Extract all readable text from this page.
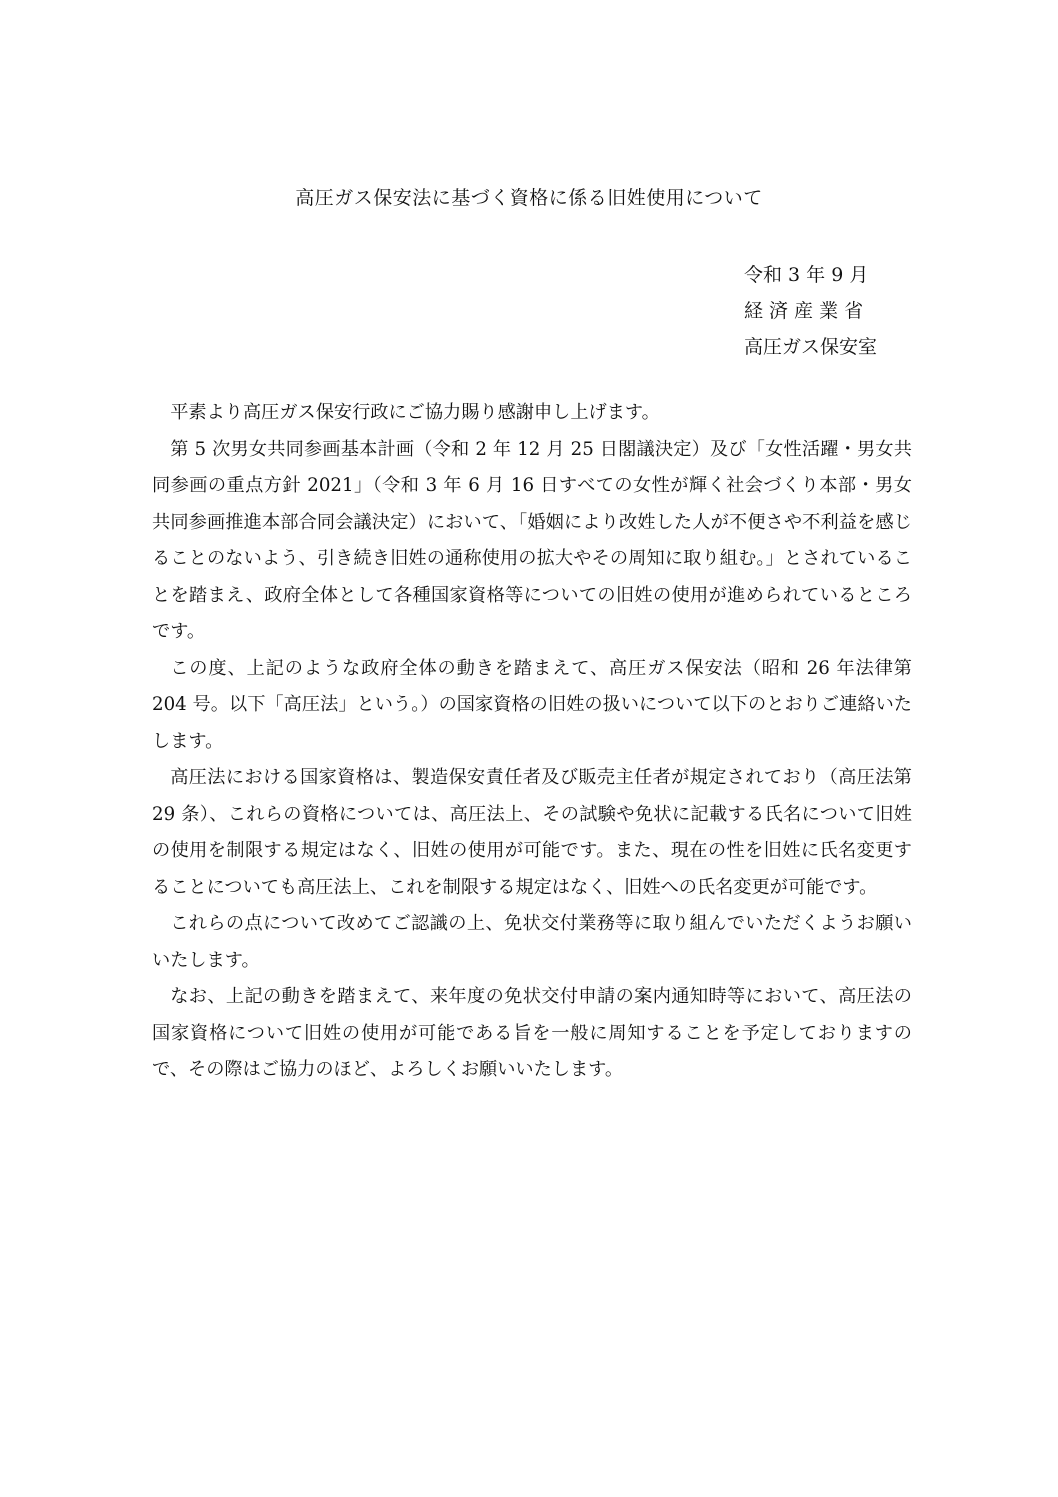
高圧ガス保安法に基づく資格に係る旧姓使用について
令和 3 年 9 月
経 済 産 業 省
高圧ガス保安室

平素より高圧ガス保安行政にご協力賜り感謝申し上げます。

第 5 次男女共同参画基本計画（令和 2 年 12 月 25 日閣議決定）及び「女性活躍・男女共同参画の重点方針 2021」（令和 3 年 6 月 16 日すべての女性が輝く社会づくり本部・男女共同参画推進本部合同会議決定）において、「婚姻により改姓した人が不便さや不利益を感じることのないよう、引き続き旧姓の通称使用の拡大やその周知に取り組む。」とされていることを踏まえ、政府全体として各種国家資格等についての旧姓の使用が進められているところです。

この度、上記のような政府全体の動きを踏まえて、高圧ガス保安法（昭和 26 年法律第 204 号。以下「高圧法」という。）の国家資格の旧姓の扱いについて以下のとおりご連絡いたします。

高圧法における国家資格は、製造保安責任者及び販売主任者が規定されており（高圧法第 29 条）、これらの資格については、高圧法上、その試験や免状に記載する氏名について旧姓の使用を制限する規定はなく、旧姓の使用が可能です。また、現在の性を旧姓に氏名変更することについても高圧法上、これを制限する規定はなく、旧姓への氏名変更が可能です。

これらの点について改めてご認識の上、免状交付業務等に取り組んでいただくようお願いいたします。

なお、上記の動きを踏まえて、来年度の免状交付申請の案内通知時等において、高圧法の国家資格について旧姓の使用が可能である旨を一般に周知することを予定しておりますので、その際はご協力のほど、よろしくお願いいたします。
